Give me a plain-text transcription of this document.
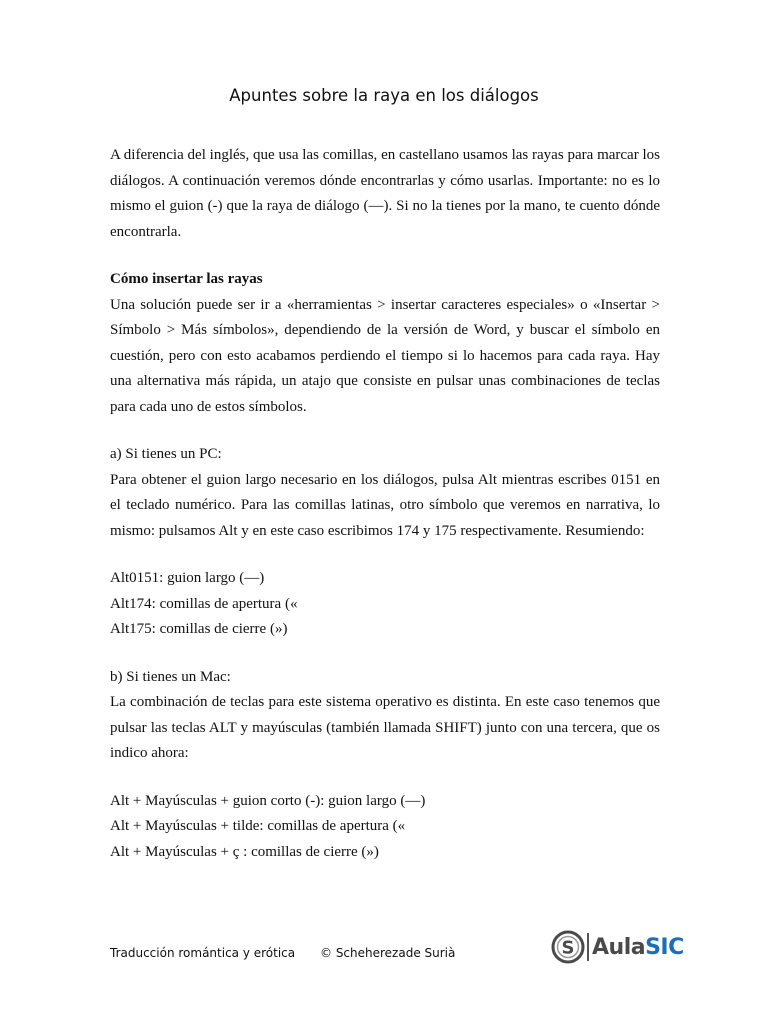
Apuntes sobre la raya en los diálogos

A diferencia del inglés, que usa las comillas, en castellano usamos las rayas para marcar los diálogos. A continuación veremos dónde encontrarlas y cómo usarlas. Importante: no es lo mismo el guion (-) que la raya de diálogo (—). Si no la tienes por la mano, te cuento dónde encontrarla.

Cómo insertar las rayas

Una solución puede ser ir a «herramientas > insertar caracteres especiales» o «Insertar > Símbolo > Más símbolos», dependiendo de la versión de Word, y buscar el símbolo en cuestión, pero con esto acabamos perdiendo el tiempo si lo hacemos para cada raya. Hay una alternativa más rápida, un atajo que consiste en pulsar unas combinaciones de teclas para cada uno de estos símbolos.

a) Si tienes un PC:

Para obtener el guion largo necesario en los diálogos, pulsa Alt mientras escribes 0151 en el teclado numérico. Para las comillas latinas, otro símbolo que veremos en narrativa, lo mismo: pulsamos Alt y en este caso escribimos 174 y 175 respectivamente. Resumiendo:

Alt0151: guion largo (—)
Alt174: comillas de apertura («
Alt175: comillas de cierre (»)

b) Si tienes un Mac:

La combinación de teclas para este sistema operativo es distinta. En este caso tenemos que pulsar las teclas ALT y mayúsculas (también llamada SHIFT) junto con una tercera, que os indico ahora:

Alt + Mayúsculas + guion corto (-): guion largo (—)
Alt + Mayúsculas + tilde: comillas de apertura («
Alt + Mayúsculas + ç : comillas de cierre (»)
Traducción romántica y erótica © Scheherezade Surià	S AulaSIC
